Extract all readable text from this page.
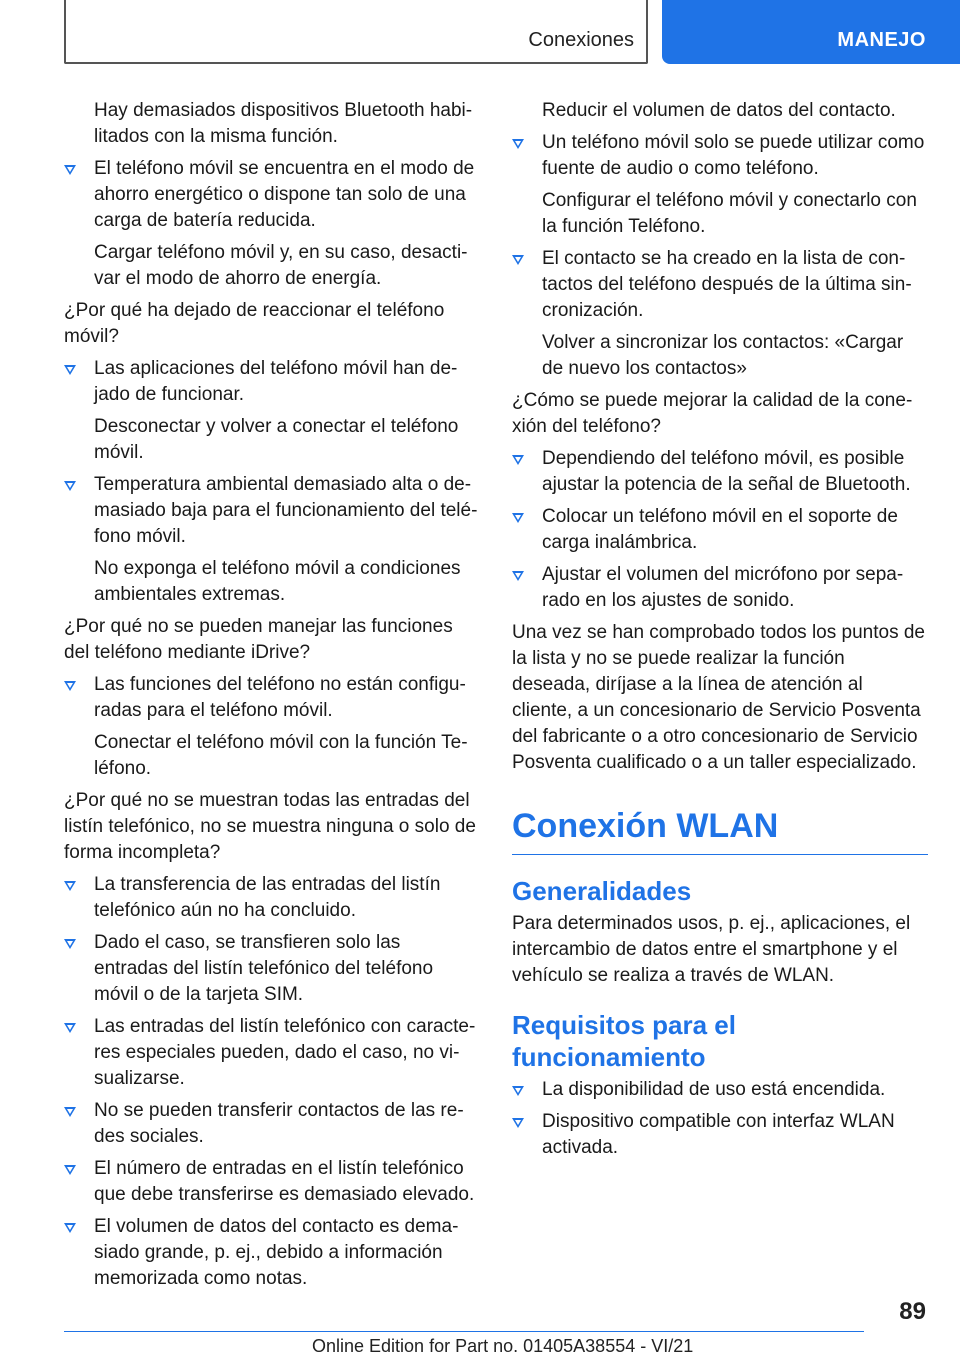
Conexiones	MANEJO

Hay demasiados dispositivos Bluetooth habilitados con la misma función.

El teléfono móvil se encuentra en el modo de ahorro energético o dispone tan solo de una carga de batería reducida.

Cargar teléfono móvil y, en su caso, desactivar el modo de ahorro de energía.

¿Por qué ha dejado de reaccionar el teléfono móvil?

Las aplicaciones del teléfono móvil han dejado de funcionar.

Desconectar y volver a conectar el teléfono móvil.

Temperatura ambiental demasiado alta o demasiado baja para el funcionamiento del teléfono móvil.

No exponga el teléfono móvil a condiciones ambientales extremas.

¿Por qué no se pueden manejar las funciones del teléfono mediante iDrive?

Las funciones del teléfono no están configuradas para el teléfono móvil.

Conectar el teléfono móvil con la función Teléfono.

¿Por qué no se muestran todas las entradas del listín telefónico, no se muestra ninguna o solo de forma incompleta?

La transferencia de las entradas del listín telefónico aún no ha concluido.

Dado el caso, se transfieren solo las entradas del listín telefónico del teléfono móvil o de la tarjeta SIM.

Las entradas del listín telefónico con caracteres especiales pueden, dado el caso, no visualizarse.

No se pueden transferir contactos de las redes sociales.

El número de entradas en el listín telefónico que debe transferirse es demasiado elevado.

El volumen de datos del contacto es demasiado grande, p. ej., debido a información memorizada como notas.

Reducir el volumen de datos del contacto.

Un teléfono móvil solo se puede utilizar como fuente de audio o como teléfono.

Configurar el teléfono móvil y conectarlo con la función Teléfono.

El contacto se ha creado en la lista de contactos del teléfono después de la última sincronización.

Volver a sincronizar los contactos: «Cargar de nuevo los contactos»

¿Cómo se puede mejorar la calidad de la conexión del teléfono?

Dependiendo del teléfono móvil, es posible ajustar la potencia de la señal de Bluetooth.

Colocar un teléfono móvil en el soporte de carga inalámbrica.

Ajustar el volumen del micrófono por separado en los ajustes de sonido.

Una vez se han comprobado todos los puntos de la lista y no se puede realizar la función deseada, diríjase a la línea de atención al cliente, a un concesionario de Servicio Posventa del fabricante o a otro concesionario de Servicio Posventa cualificado o a un taller especializado.

Conexión WLAN

Generalidades

Para determinados usos, p. ej., aplicaciones, el intercambio de datos entre el smartphone y el vehículo se realiza a través de WLAN.

Requisitos para el funcionamiento

La disponibilidad de uso está encendida.

Dispositivo compatible con interfaz WLAN activada.

89
Online Edition for Part no. 01405A38554 - VI/21
